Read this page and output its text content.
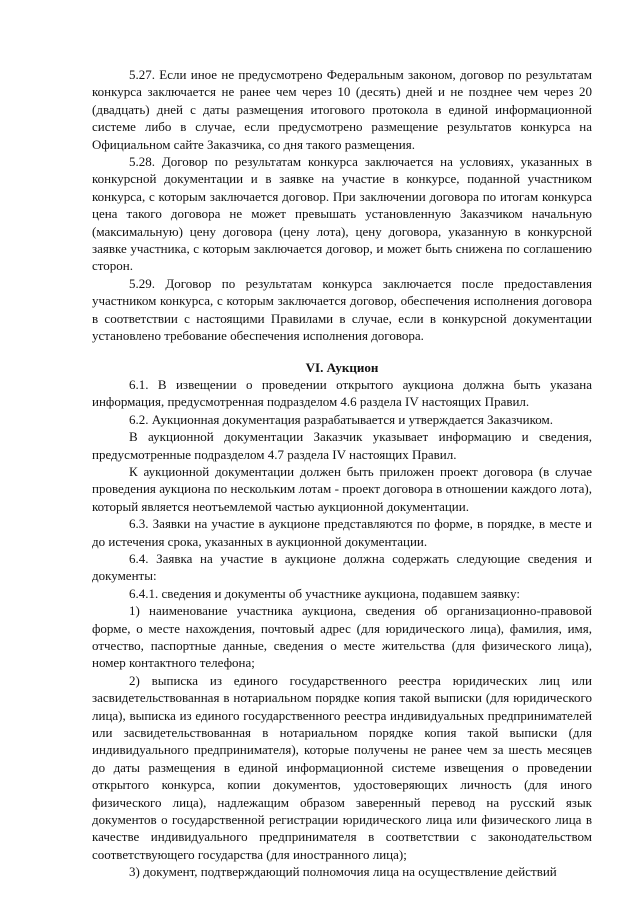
5.27. Если иное не предусмотрено Федеральным законом, договор по результатам конкурса заключается не ранее чем через 10 (десять) дней и не позднее чем через 20 (двадцать) дней с даты размещения итогового протокола в единой информационной системе либо в случае, если предусмотрено размещение результатов конкурса на Официальном сайте Заказчика, со дня такого размещения.

5.28. Договор по результатам конкурса заключается на условиях, указанных в конкурсной документации и в заявке на участие в конкурсе, поданной участником конкурса, с которым заключается договор. При заключении договора по итогам конкурса цена такого договора не может превышать установленную Заказчиком начальную (максимальную) цену договора (цену лота), цену договора, указанную в конкурсной заявке участника, с которым заключается договор, и может быть снижена по соглашению сторон.

5.29. Договор по результатам конкурса заключается после предоставления участником конкурса, с которым заключается договор, обеспечения исполнения договора в соответствии с настоящими Правилами в случае, если в конкурсной документации установлено требование обеспечения исполнения договора.

VI. Аукцион

6.1. В извещении о проведении открытого аукциона должна быть указана информация, предусмотренная подразделом 4.6 раздела IV настоящих Правил.

6.2. Аукционная документация разрабатывается и утверждается Заказчиком.

В аукционной документации Заказчик указывает информацию и сведения, предусмотренные подразделом 4.7 раздела IV настоящих Правил.

К аукционной документации должен быть приложен проект договора (в случае проведения аукциона по нескольким лотам - проект договора в отношении каждого лота), который является неотъемлемой частью аукционной документации.

6.3. Заявки на участие в аукционе представляются по форме, в порядке, в месте и до истечения срока, указанных в аукционной документации.

6.4. Заявка на участие в аукционе должна содержать следующие сведения и документы:

6.4.1. сведения и документы об участнике аукциона, подавшем заявку:

1) наименование участника аукциона, сведения об организационно-правовой форме, о месте нахождения, почтовый адрес (для юридического лица), фамилия, имя, отчество, паспортные данные, сведения о месте жительства (для физического лица), номер контактного телефона;

2) выписка из единого государственного реестра юридических лиц или засвидетельствованная в нотариальном порядке копия такой выписки (для юридического лица), выписка из единого государственного реестра индивидуальных предпринимателей или засвидетельствованная в нотариальном порядке копия такой выписки (для индивидуального предпринимателя), которые получены не ранее чем за шесть месяцев до даты размещения в единой информационной системе извещения о проведении открытого конкурса, копии документов, удостоверяющих личность (для иного физического лица), надлежащим образом заверенный перевод на русский язык документов о государственной регистрации юридического лица или физического лица в качестве индивидуального предпринимателя в соответствии с законодательством соответствующего государства (для иностранного лица);

3) документ, подтверждающий полномочия лица на осуществление действий
